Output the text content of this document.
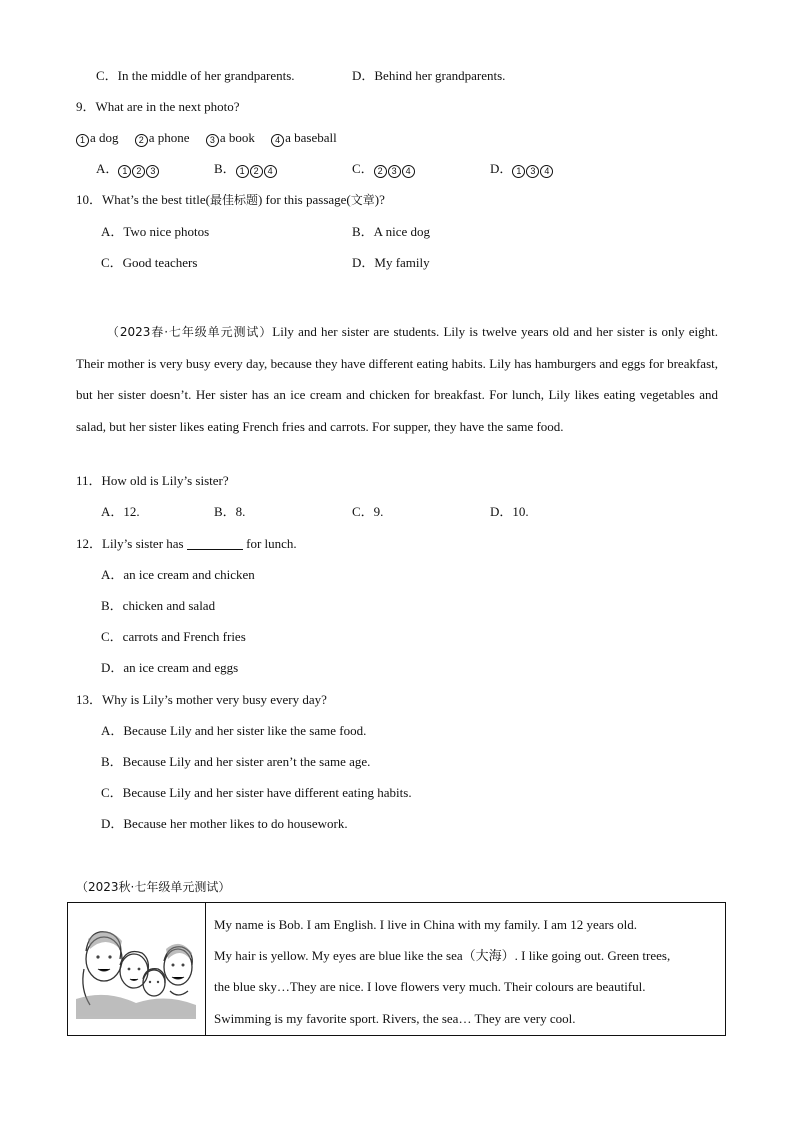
C．In the middle of her grandparents.	D．Behind her grandparents.
9．What are in the next photo?
1 a dog 2 a phone 3 a book 4 a baseball
A． 1 2 3	B． 1 2 4	C． 2 3 4	D． 1 3 4
10．What’s the best title(最佳标题) for this passage(文章)?
A．Two nice photos	B．A nice dog
C．Good teachers	D．My family
（2023春·七年级单元测试）Lily and her sister are students. Lily is twelve years old and her sister is only eight. Their mother is very busy every day, because they have different eating habits. Lily has hamburgers and eggs for breakfast, but her sister doesn’t. Her sister has an ice cream and chicken for breakfast. For lunch, Lily likes eating vegetables and salad, but her sister likes eating French fries and carrots. For supper, they have the same food.
11．How old is Lily’s sister?
A．12.	B．8.	C．9.	D．10.
12．Lily’s sister has	for lunch.
A．an ice cream and chicken
B．chicken and salad
C．carrots and French fries
D．an ice cream and eggs
13．Why is Lily’s mother very busy every day?
A．Because Lily and her sister like the same food.
B．Because Lily and her sister aren’t the same age.
C．Because Lily and her sister have different eating habits.
D．Because her mother likes to do housework.
（2023秋·七年级单元测试）
My name is Bob. I am English. I live in China with my family. I am 12 years old.
My hair is yellow. My eyes are blue like the sea（大海）. I like going out. Green trees,
the blue sky…They are nice. I love flowers very much. Their colours are beautiful.
Swimming is my favorite sport. Rivers, the sea… They are very cool.
